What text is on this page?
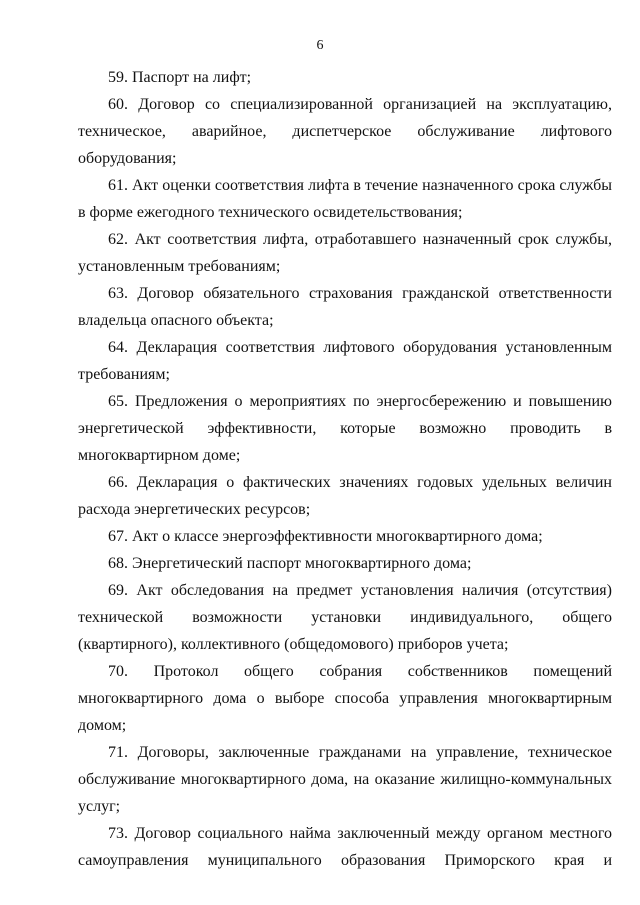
6

59. Паспорт на лифт;

60. Договор со специализированной организацией на эксплуатацию, техническое, аварийное, диспетчерское обслуживание лифтового оборудования;

61. Акт оценки соответствия лифта в течение назначенного срока службы в форме ежегодного технического освидетельствования;

62. Акт соответствия лифта, отработавшего назначенный срок службы, установленным требованиям;

63. Договор обязательного страхования гражданской ответственности владельца опасного объекта;

64. Декларация соответствия лифтового оборудования установленным требованиям;

65. Предложения о мероприятиях по энергосбережению и повышению энергетической эффективности, которые возможно проводить в многоквартирном доме;

66. Декларация о фактических значениях годовых удельных величин расхода энергетических ресурсов;

67. Акт о классе энергоэффективности многоквартирного дома;

68. Энергетический паспорт многоквартирного дома;

69. Акт обследования на предмет установления наличия (отсутствия) технической возможности установки индивидуального, общего (квартирного), коллективного (общедомового) приборов учета;

70. Протокол общего собрания собственников помещений многоквартирного дома о выборе способа управления многоквартирным домом;

71. Договоры, заключенные гражданами на управление, техническое обслуживание многоквартирного дома, на оказание жилищно-коммунальных услуг;

73. Договор социального найма заключенный между органом местного самоуправления муниципального образования Приморского края и
